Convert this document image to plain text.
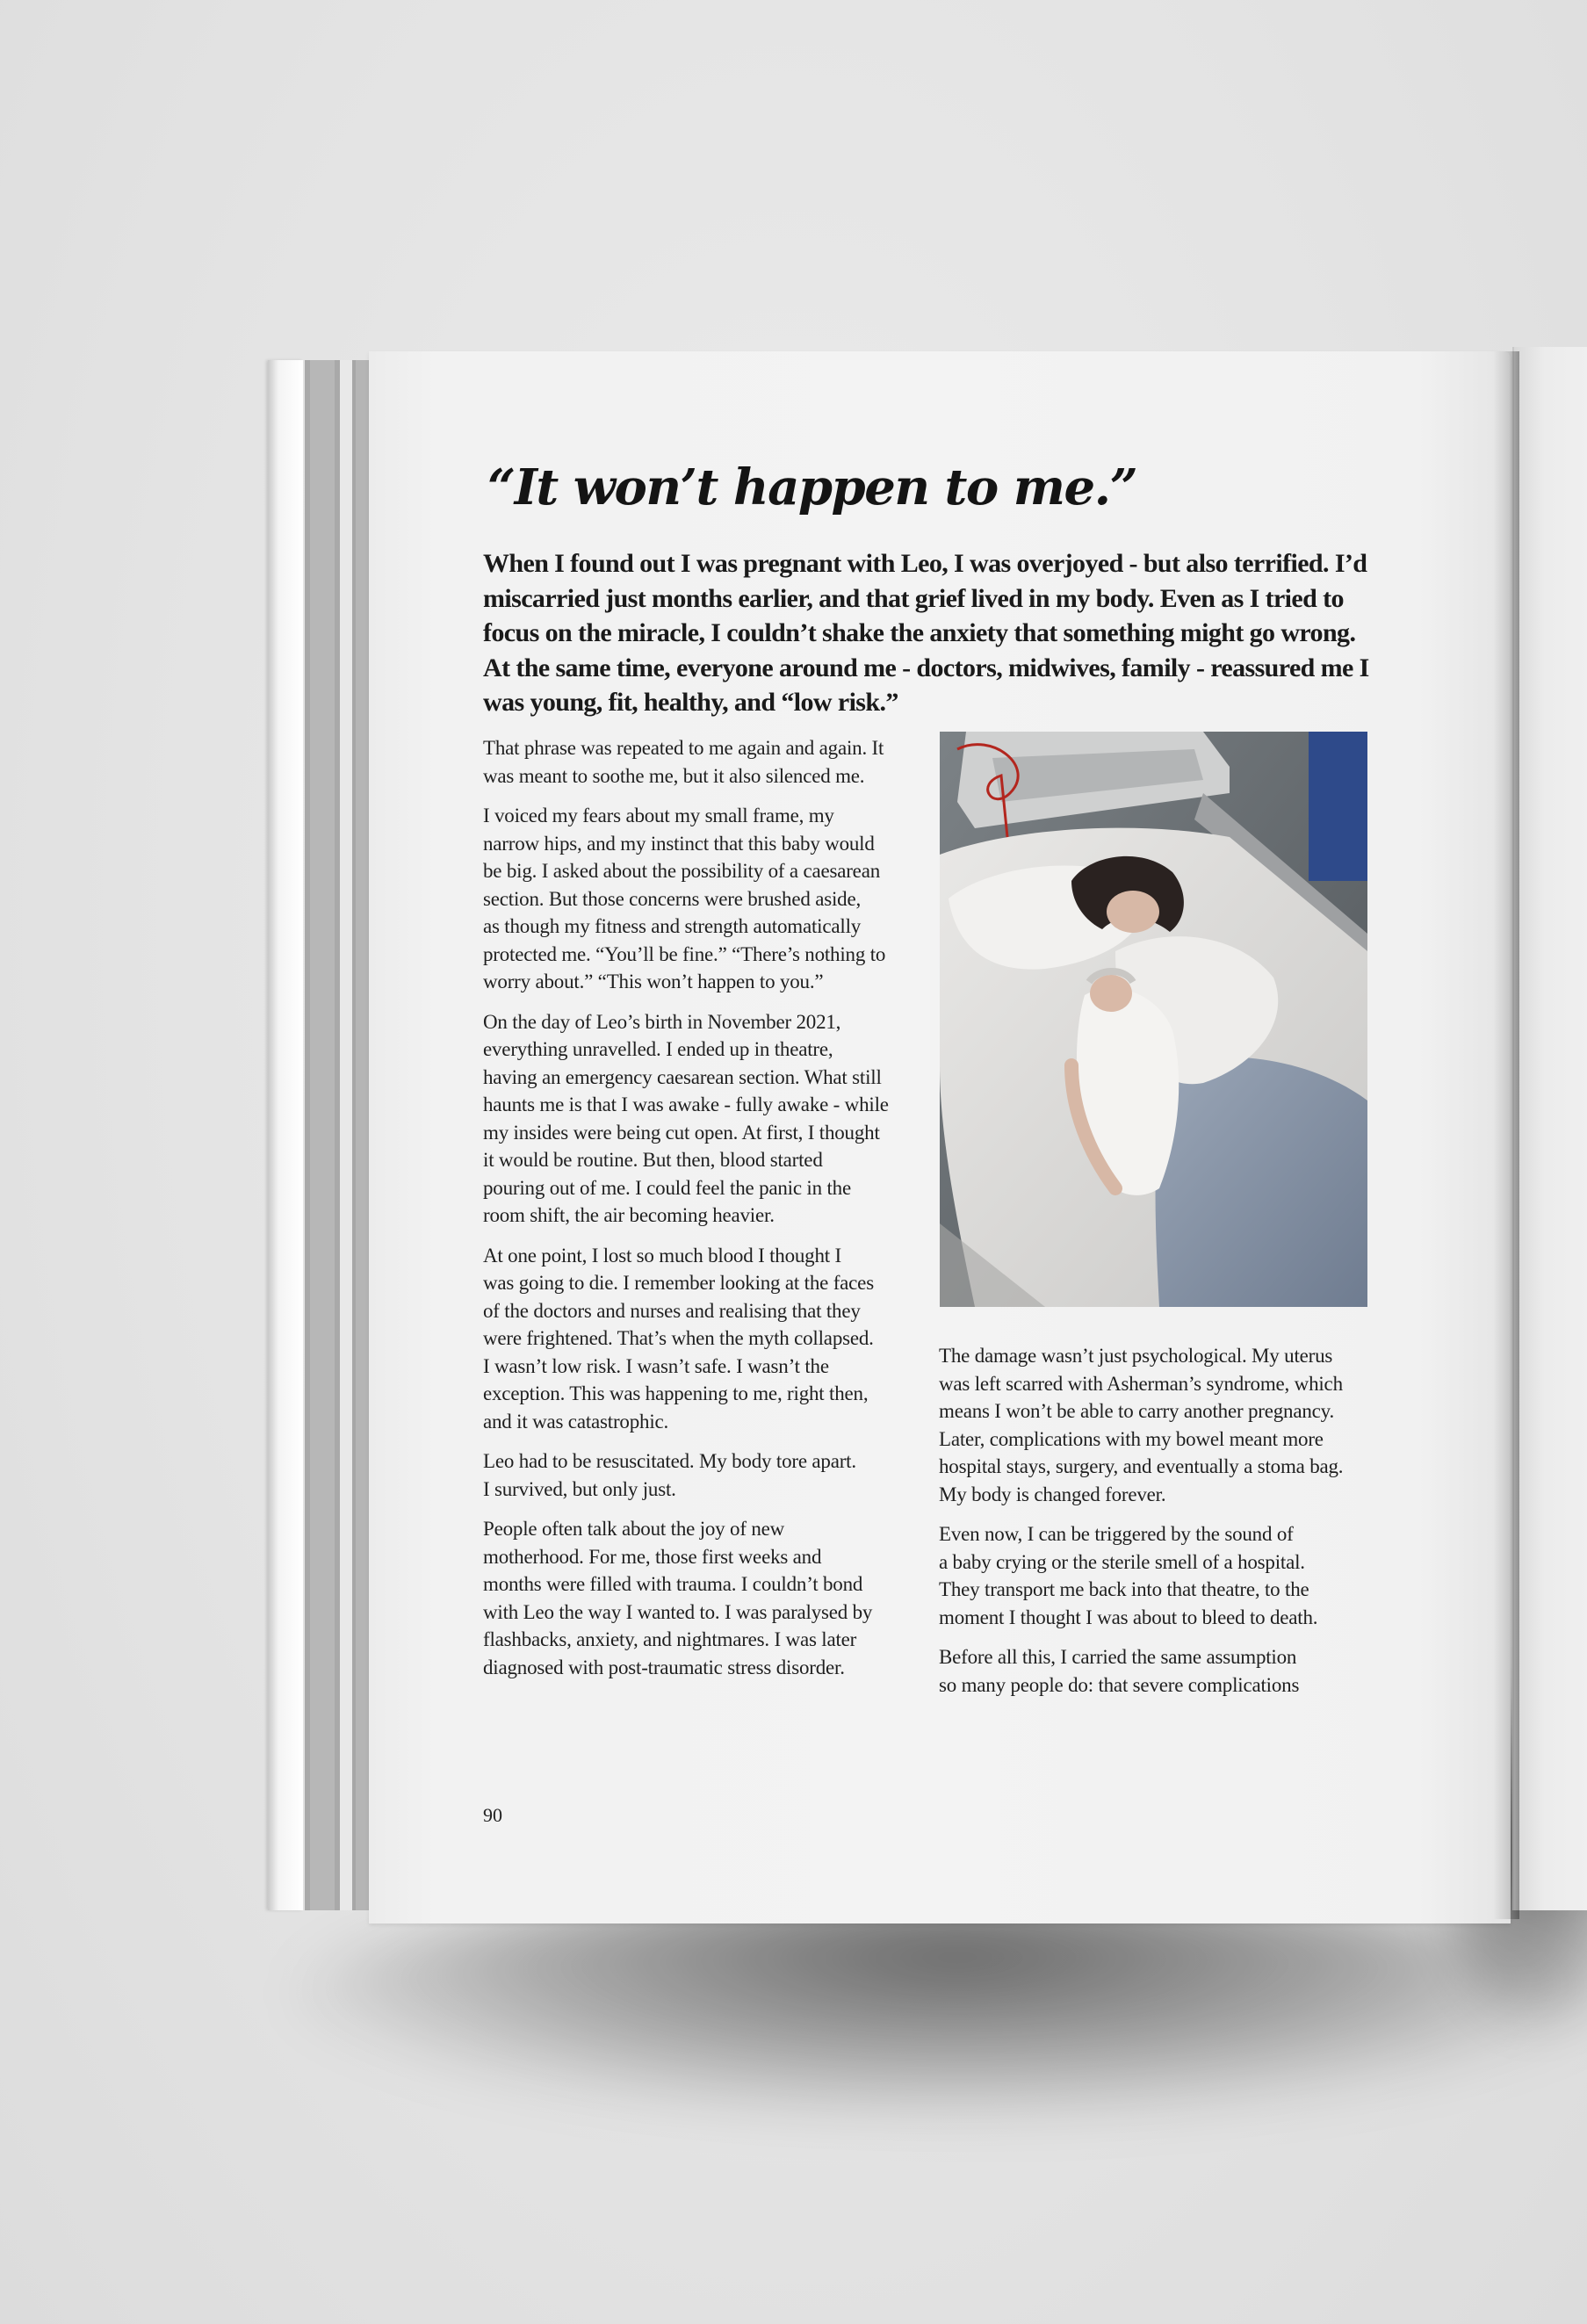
“It won’t happen to me.”

When I found out I was pregnant with Leo, I was overjoyed - but also terrified. I’d miscarried just months earlier, and that grief lived in my body. Even as I tried to focus on the miracle, I couldn’t shake the anxiety that something might go wrong. At the same time, everyone around me - doctors, midwives, family - reassured me I was young, fit, healthy, and “low risk.”

That phrase was repeated to me again and again. It
was meant to soothe me, but it also silenced me.

I voiced my fears about my small frame, my
narrow hips, and my instinct that this baby would
be big. I asked about the possibility of a caesarean
section. But those concerns were brushed aside,
as though my fitness and strength automatically
protected me. “You’ll be fine.” “There’s nothing to
worry about.” “This won’t happen to you.”

On the day of Leo’s birth in November 2021,
everything unravelled. I ended up in theatre,
having an emergency caesarean section. What still
haunts me is that I was awake - fully awake - while
my insides were being cut open. At first, I thought
it would be routine. But then, blood started
pouring out of me. I could feel the panic in the
room shift, the air becoming heavier.

At one point, I lost so much blood I thought I
was going to die. I remember looking at the faces
of the doctors and nurses and realising that they
were frightened. That’s when the myth collapsed.
I wasn’t low risk. I wasn’t safe. I wasn’t the
exception. This was happening to me, right then,
and it was catastrophic.

Leo had to be resuscitated. My body tore apart.
I survived, but only just.

People often talk about the joy of new
motherhood. For me, those first weeks and
months were filled with trauma. I couldn’t bond
with Leo the way I wanted to. I was paralysed by
flashbacks, anxiety, and nightmares. I was later
diagnosed with post-traumatic stress disorder.

The damage wasn’t just psychological. My uterus
was left scarred with Asherman’s syndrome, which
means I won’t be able to carry another pregnancy.
Later, complications with my bowel meant more
hospital stays, surgery, and eventually a stoma bag.
My body is changed forever.

Even now, I can be triggered by the sound of
a baby crying or the sterile smell of a hospital.
They transport me back into that theatre, to the
moment I thought I was about to bleed to death.

Before all this, I carried the same assumption
so many people do: that severe complications

90
